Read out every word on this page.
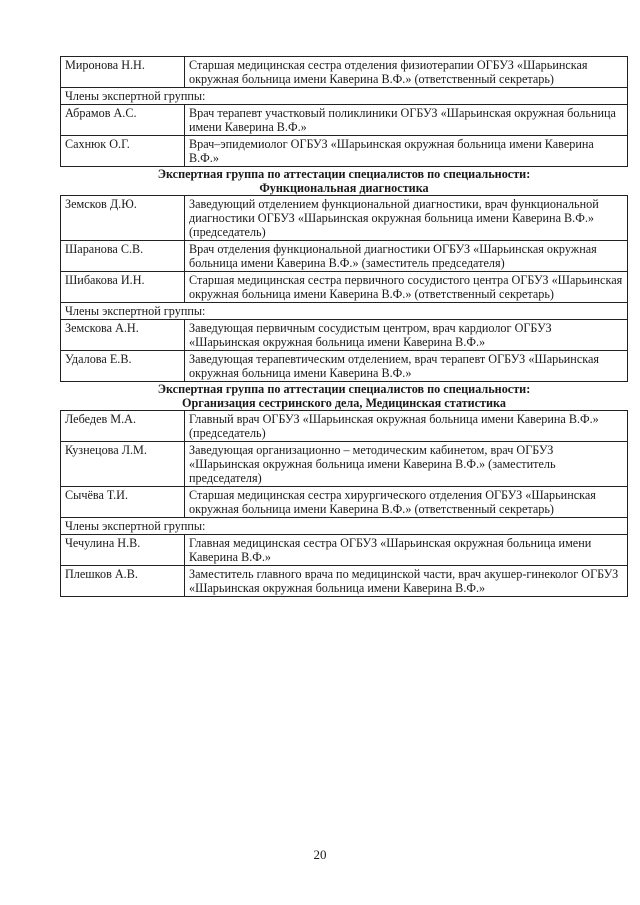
Миронова Н.Н.	Старшая медицинская сестра отделения физиотерапии ОГБУЗ «Шарьинская окружная больница имени Каверина В.Ф.» (ответственный секретарь)
Члены экспертной группы:	
Абрамов А.С.	Врач терапевт участковый поликлиники ОГБУЗ «Шарьинская окружная больница имени Каверина В.Ф.»
Сахнюк О.Г.	Врач–эпидемиолог ОГБУЗ «Шарьинская окружная больница имени Каверина В.Ф.»
Экспертная группа по аттестации специалистов по специальности:
Функциональная диагностика
Земсков Д.Ю.	Заведующий отделением функциональной диагностики, врач функциональной диагностики ОГБУЗ «Шарьинская окружная больница имени Каверина В.Ф.» (председатель)
Шаранова С.В.	Врач отделения функциональной диагностики ОГБУЗ «Шарьинская окружная больница имени Каверина В.Ф.» (заместитель председателя)
Шибакова И.Н.	Старшая медицинская сестра первичного сосудистого центра ОГБУЗ «Шарьинская окружная больница имени Каверина В.Ф.» (ответственный секретарь)
Члены экспертной группы:	
Земскова А.Н.	Заведующая первичным сосудистым центром, врач кардиолог ОГБУЗ «Шарьинская окружная больница имени Каверина В.Ф.»
Удалова Е.В.	Заведующая терапевтическим отделением, врач терапевт ОГБУЗ «Шарьинская окружная больница имени Каверина В.Ф.»
Экспертная группа по аттестации специалистов по специальности:
Организация сестринского дела, Медицинская статистика
Лебедев М.А.	Главный врач ОГБУЗ «Шарьинская окружная больница имени Каверина В.Ф.» (председатель)
Кузнецова Л.М.	Заведующая организационно – методическим кабинетом, врач ОГБУЗ «Шарьинская окружная больница имени Каверина В.Ф.» (заместитель председателя)
Сычёва Т.И.	Старшая медицинская сестра хирургического отделения ОГБУЗ «Шарьинская окружная больница имени Каверина В.Ф.» (ответственный секретарь)
Члены экспертной группы:	
Чечулина Н.В.	Главная медицинская сестра ОГБУЗ «Шарьинская окружная больница имени Каверина В.Ф.»
Плешков А.В.	Заместитель главного врача по медицинской части, врач акушер-гинеколог ОГБУЗ «Шарьинская окружная больница имени Каверина В.Ф.»
20
